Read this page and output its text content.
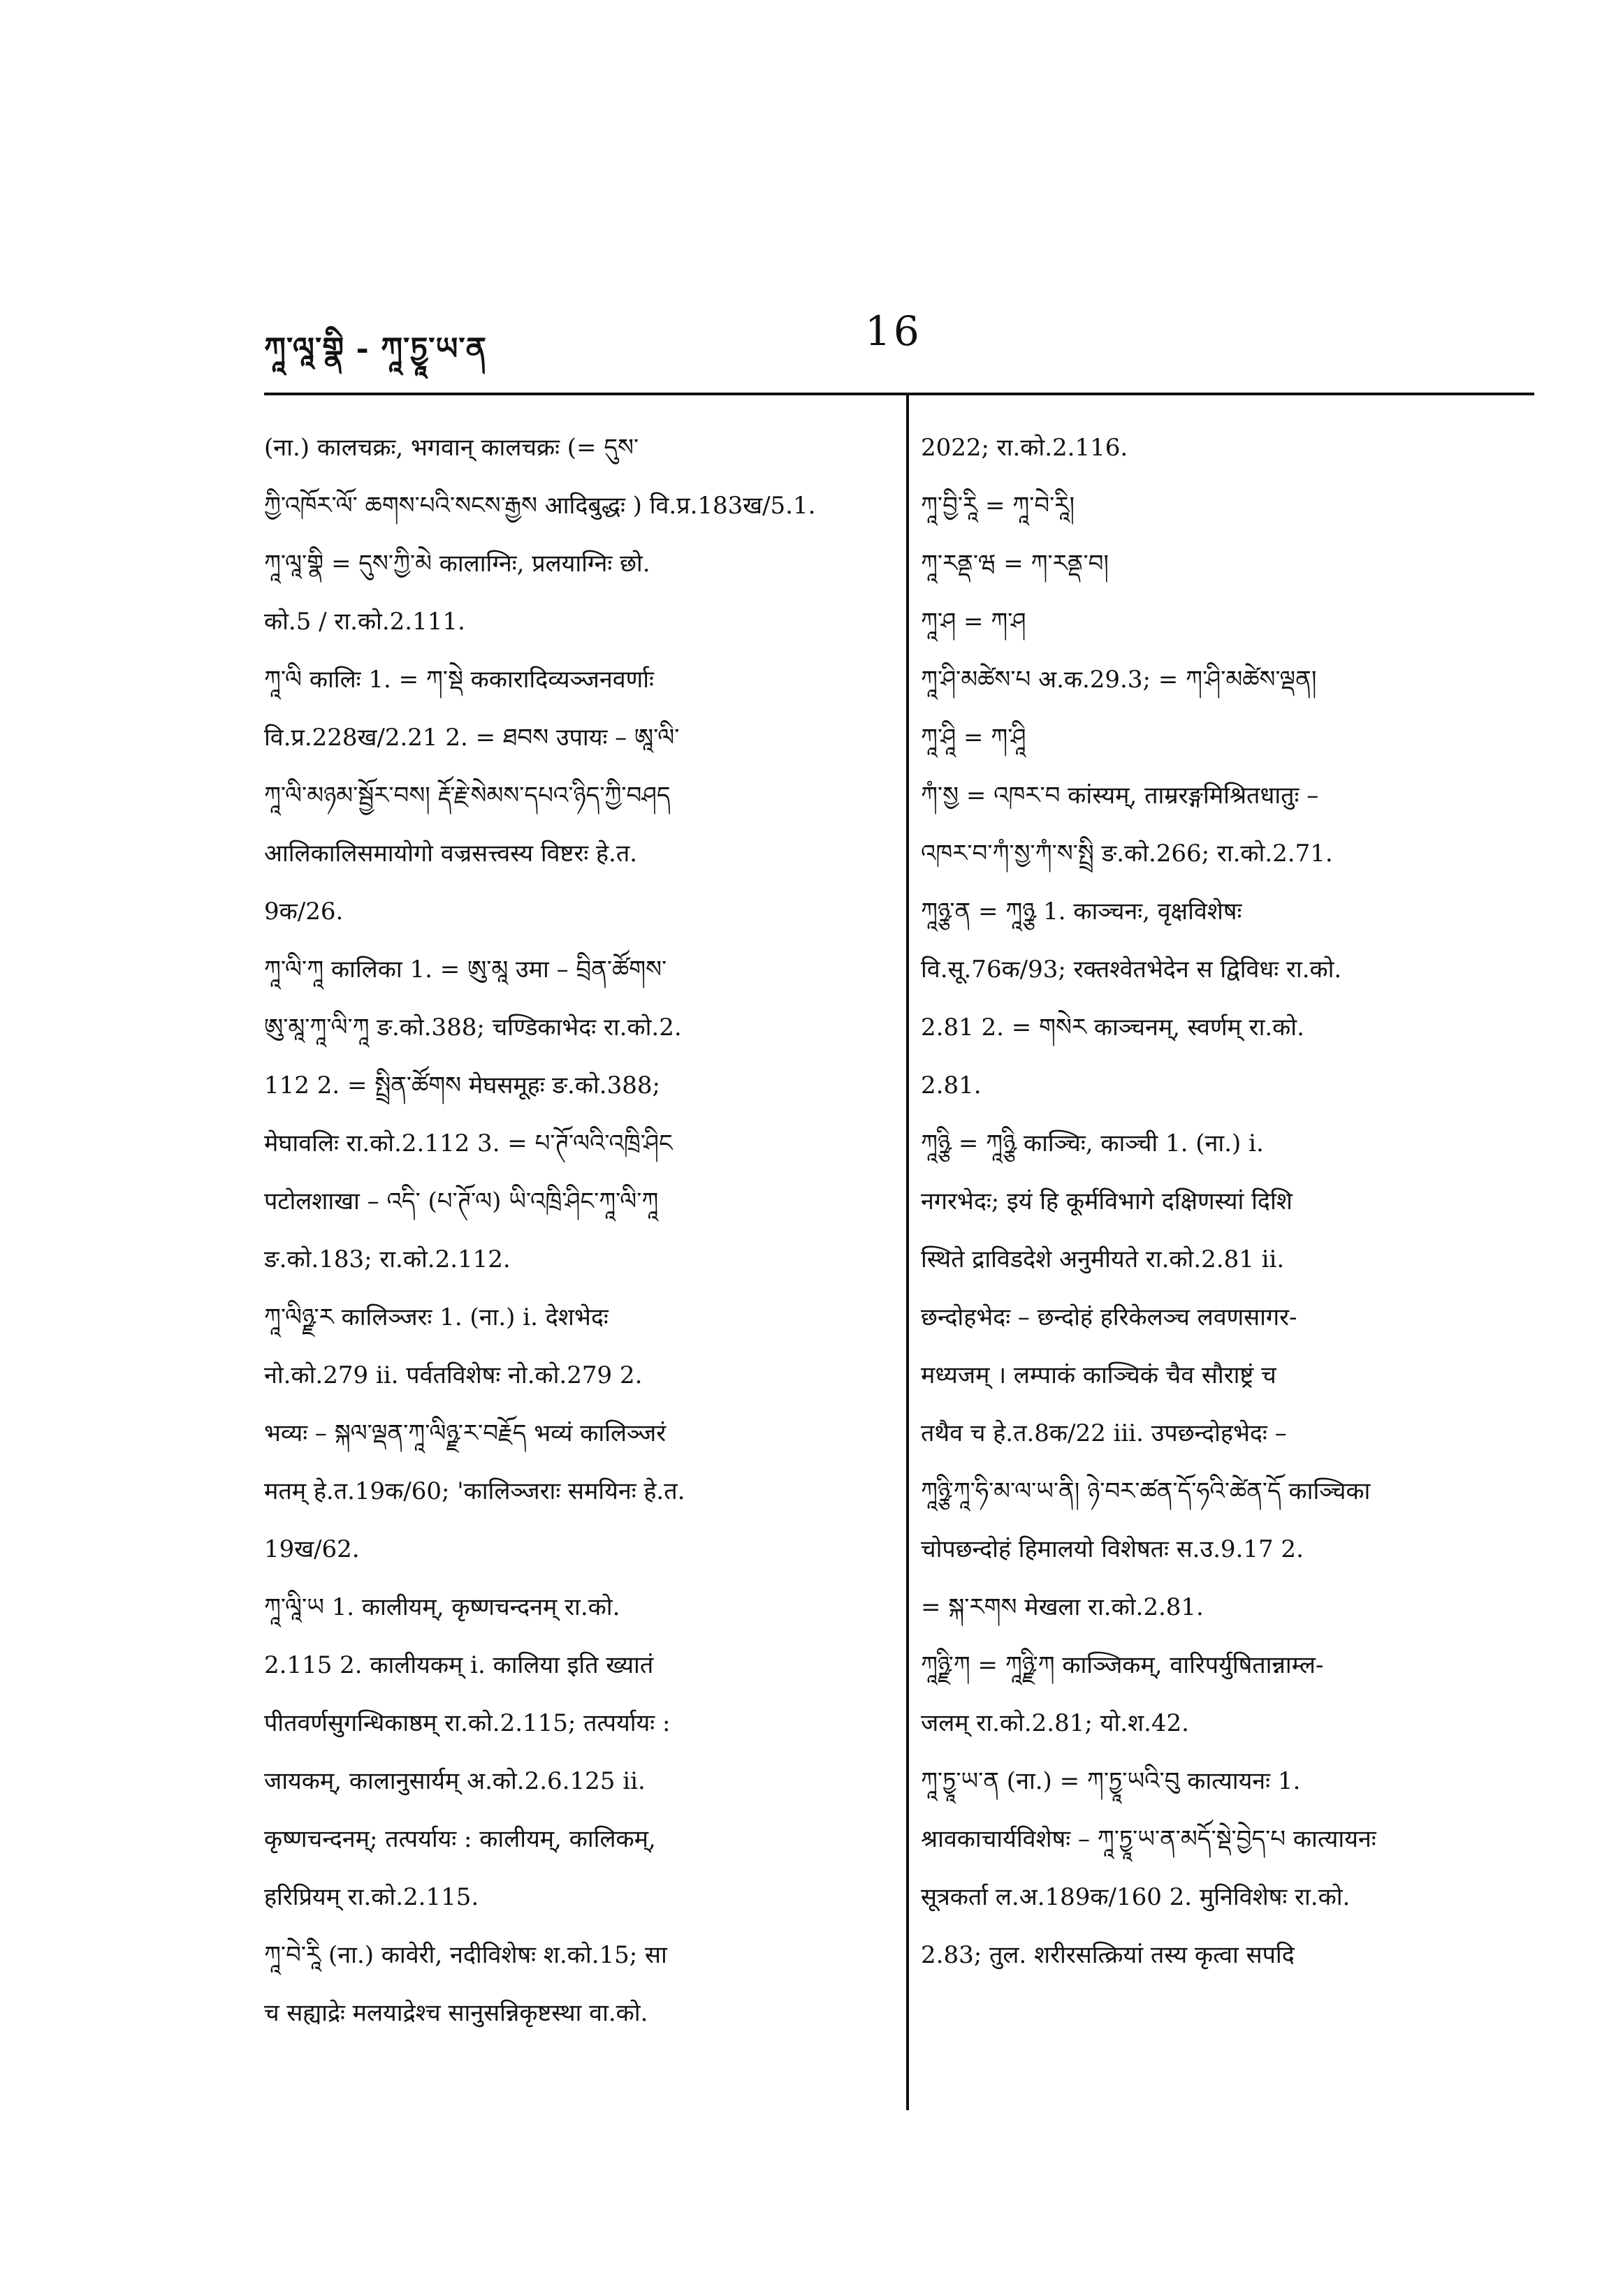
ཀཱ་ལཱ་གྣི - ཀཱ་ཏྱཱ་ཡ་ན	16
(ना.) कालचक्रः, भगवान् कालचक्रः (= དུས་
ཀྱི་འཁོར་ལོ་ ཆགས་པའི་སངས་རྒྱས आदिबुद्धः ) वि.प्र.183ख/5.1.
ཀཱ་ལཱ་གྣི = དུས་ཀྱི་མེ कालाग्निः, प्रलयाग्निः छो.
को.5 / रा.को.2.111.
ཀཱ་ལི कालिः 1. = ཀ་སྡེ ककारादिव्यञ्जनवर्णाः
वि.प्र.228ख/2.21 2. = ཐབས उपायः – ཨཱ་ལི་
ཀཱ་ལི་མཉམ་སྦྱོར་བས། རྡོ་རྗེ་སེམས་དཔའ་ཉིད་ཀྱི་བཤད
आलिकालिसमायोगो वज्रसत्त्वस्य विष्टरः हे.त.
9क/26.
ཀཱ་ལི་ཀཱ कालिका 1. = ཨུ་མཱ उमा – བྲིན་ཚོགས་
ཨུ་མཱ་ཀཱ་ལི་ཀཱ ङ.को.388; चण्डिकाभेदः रा.को.2.
112 2. = སྤྲིན་ཚོགས मेघसमूहः ङ.को.388;
मेघावलिः रा.को.2.112 3. = པ་ཊོ་ལའི་འཁྲི་ཤིང
पटोलशाखा – འདི་ (པ་ཊོ་ལ) ཡི་འཁྲི་ཤིང་ཀཱ་ལི་ཀཱ
ङ.को.183; रा.को.2.112.
ཀཱ་ལིཉྫ་ར कालिञ्जरः 1. (ना.) i. देशभेदः
नो.को.279 ii. पर्वतविशेषः नो.को.279 2.
भव्यः – སྐལ་ལྡན་ཀཱ་ལིཉྫ་ར་བརྗོད भव्यं कालिञ्जरं
मतम् हे.त.19क/60; 'कालिञ्जराः समयिनः हे.त.
19ख/62.
ཀཱ་ལཱི་ཡ 1. कालीयम्, कृष्णचन्दनम् रा.को.
2.115 2. कालीयकम् i. कालिया इति ख्यातं
पीतवर्णसुगन्धिकाष्ठम् रा.को.2.115; तत्पर्यायः :
जायकम्, कालानुसार्यम् अ.को.2.6.125 ii.
कृष्णचन्दनम्; तत्पर्यायः : कालीयम्, कालिकम्,
हरिप्रियम् रा.को.2.115.
ཀཱ་བེ་རཱི (ना.) कावेरी, नदीविशेषः श.को.15; सा
च सह्याद्रेः मलयाद्रेश्च सानुसन्निकृष्टस्था वा.को.
2022; रा.को.2.116.
ཀཱ་བྱི་རཱི = ཀཱ་བེ་རཱི།
ཀཱ་རནྡ་ཝ = ཀ་རནྡ་བ།
ཀཱ་ཤ = ཀ་ཤ
ཀཱ་ཤི་མཚེས་པ अ.क.29.3; = ཀ་ཤི་མཚེས་ལྡན།
ཀཱ་ཤཱི = ཀ་ཤཱི
ཀཾ་སྱ = འཁར་བ कांस्यम्, ताम्ररङ्गमिश्रितधातुः –
འཁར་བ་ཀཾ་སྱ་ཀཾ་ས་སྤྲི ङ.को.266; रा.को.2.71.
ཀཱཉྩ་ན = ཀཱཉྩ 1. काञ्चनः, वृक्षविशेषः
वि.सू.76क/93; रक्तश्वेतभेदेन स द्विविधः रा.को.
2.81 2. = གསེར काञ्चनम्, स्वर्णम् रा.को.
2.81.
ཀཱཉྩི = ཀཱཉྩི काञ्चिः, काञ्ची 1. (ना.) i.
नगरभेदः; इयं हि कूर्मविभागे दक्षिणस्यां दिशि
स्थिते द्राविडदेशे अनुमीयते रा.को.2.81 ii.
छन्दोहभेदः – छन्दोहं हरिकेलञ्च लवणसागर-
मध्यजम् । लम्पाकं काञ्चिकं चैव सौराष्ट्रं च
तथैव च हे.त.8क/22 iii. उपछन्दोहभेदः –
ཀཱཉྩི་ཀཱ་ཧི་མ་ལ་ཡ་ནི། ཉེ་བར་ཚན་དོ་ཧའི་ཚེན་དོ काञ्चिका
चोपछन्दोहं हिमालयो विशेषतः स.उ.9.17 2.
= སྐ་རགས मेखला रा.को.2.81.
ཀཱཉྫི་ཀ = ཀཱཉྫི་ཀ काञ्जिकम्, वारिपर्युषितान्नाम्ल-
जलम् रा.को.2.81; यो.श.42.
ཀཱ་ཏྱཱ་ཡ་ན (ना.) = ཀ་ཏྱཱ་ཡའི་བུ कात्यायनः 1.
श्रावकाचार्यविशेषः – ཀཱ་ཏྱཱ་ཡ་ན་མདོ་སྡེ་བྱེད་པ कात्यायनः
सूत्रकर्ता ल.अ.189क/160 2. मुनिविशेषः रा.को.
2.83; तुल. शरीरसत्क्रियां तस्य कृत्वा सपदि
